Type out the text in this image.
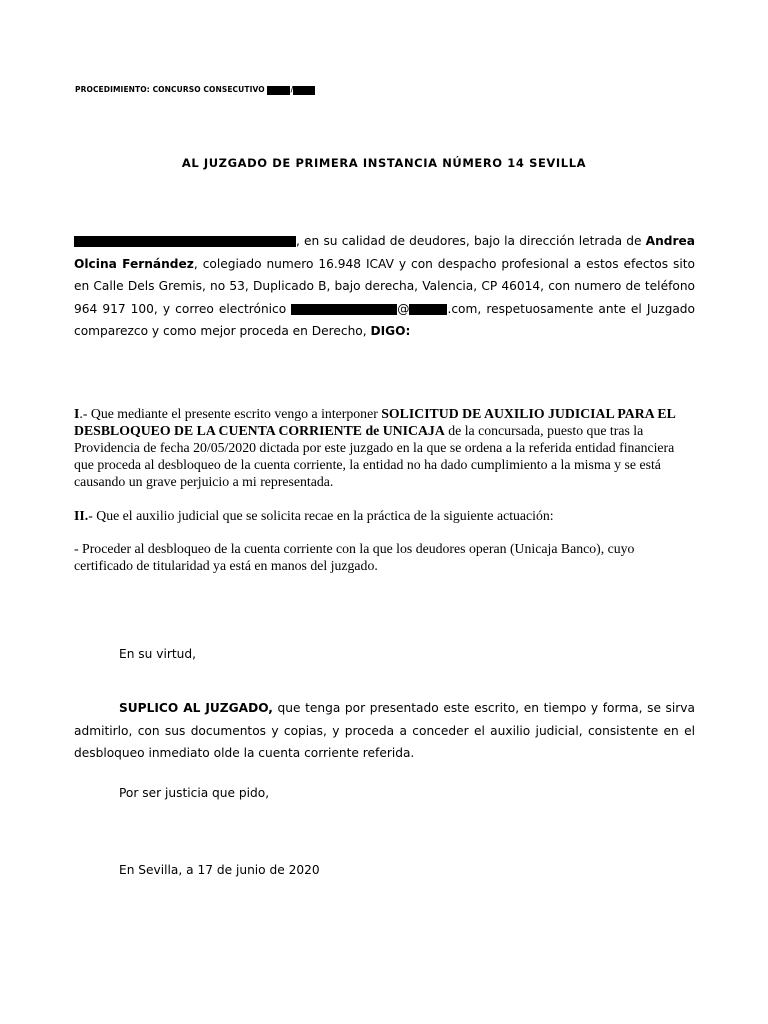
PROCEDIMIENTO: CONCURSO CONSECUTIVO	/
AL JUZGADO DE PRIMERA INSTANCIA NÚMERO 14 SEVILLA

, en su calidad de deudores, bajo la dirección letrada de Andrea Olcina Fernández, colegiado numero 16.948 ICAV y con despacho profesional a estos efectos sito en Calle Dels Gremis, no 53, Duplicado B, bajo derecha, Valencia, CP 46014, con numero de teléfono 964 917 100, y correo electrónico	@	.com, respetuosamente ante el Juzgado comparezco y como mejor proceda en Derecho, DIGO:

I.- Que mediante el presente escrito vengo a interponer SOLICITUD DE AUXILIO JUDICIAL PARA EL DESBLOQUEO DE LA CUENTA CORRIENTE de UNICAJA de la concursada, puesto que tras la Providencia de fecha 20/05/2020 dictada por este juzgado en la que se ordena a la referida entidad financiera que proceda al desbloqueo de la cuenta corriente, la entidad no ha dado cumplimiento a la misma y se está causando un grave perjuicio a mi representada.

II.- Que el auxilio judicial que se solicita recae en la práctica de la siguiente actuación:

- Proceder al desbloqueo de la cuenta corriente con la que los deudores operan (Unicaja Banco), cuyo certificado de titularidad ya está en manos del juzgado.

En su virtud,

SUPLICO AL JUZGADO, que tenga por presentado este escrito, en tiempo y forma, se sirva admitirlo, con sus documentos y copias, y proceda a conceder el auxilio judicial, consistente en el desbloqueo inmediato olde la cuenta corriente referida.

Por ser justicia que pido,

En Sevilla, a 17 de junio de 2020
